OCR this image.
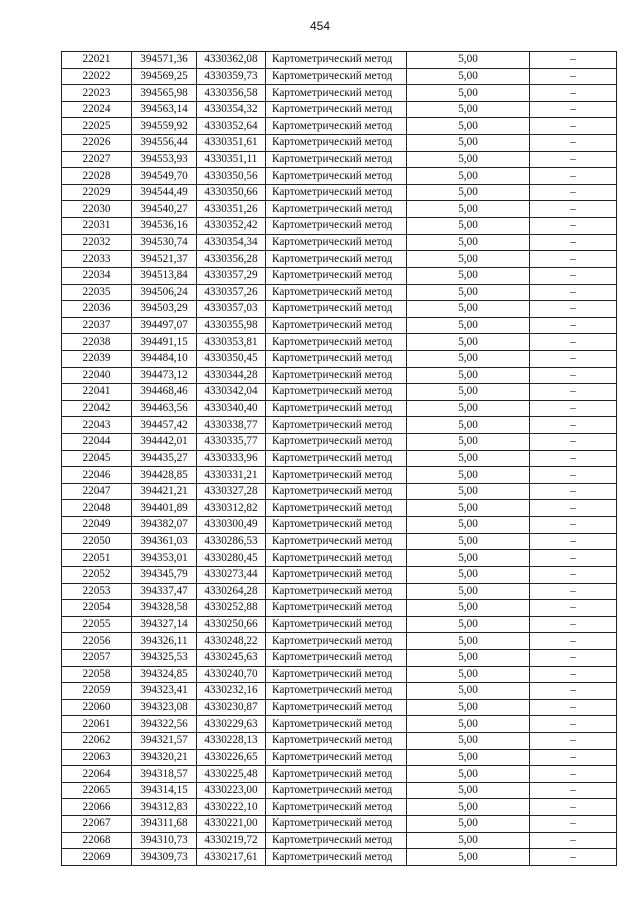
454
22021	394571,36	4330362,08	Картометрический метод	5,00	–
22022	394569,25	4330359,73	Картометрический метод	5,00	–
22023	394565,98	4330356,58	Картометрический метод	5,00	–
22024	394563,14	4330354,32	Картометрический метод	5,00	–
22025	394559,92	4330352,64	Картометрический метод	5,00	–
22026	394556,44	4330351,61	Картометрический метод	5,00	–
22027	394553,93	4330351,11	Картометрический метод	5,00	–
22028	394549,70	4330350,56	Картометрический метод	5,00	–
22029	394544,49	4330350,66	Картометрический метод	5,00	–
22030	394540,27	4330351,26	Картометрический метод	5,00	–
22031	394536,16	4330352,42	Картометрический метод	5,00	–
22032	394530,74	4330354,34	Картометрический метод	5,00	–
22033	394521,37	4330356,28	Картометрический метод	5,00	–
22034	394513,84	4330357,29	Картометрический метод	5,00	–
22035	394506,24	4330357,26	Картометрический метод	5,00	–
22036	394503,29	4330357,03	Картометрический метод	5,00	–
22037	394497,07	4330355,98	Картометрический метод	5,00	–
22038	394491,15	4330353,81	Картометрический метод	5,00	–
22039	394484,10	4330350,45	Картометрический метод	5,00	–
22040	394473,12	4330344,28	Картометрический метод	5,00	–
22041	394468,46	4330342,04	Картометрический метод	5,00	–
22042	394463,56	4330340,40	Картометрический метод	5,00	–
22043	394457,42	4330338,77	Картометрический метод	5,00	–
22044	394442,01	4330335,77	Картометрический метод	5,00	–
22045	394435,27	4330333,96	Картометрический метод	5,00	–
22046	394428,85	4330331,21	Картометрический метод	5,00	–
22047	394421,21	4330327,28	Картометрический метод	5,00	–
22048	394401,89	4330312,82	Картометрический метод	5,00	–
22049	394382,07	4330300,49	Картометрический метод	5,00	–
22050	394361,03	4330286,53	Картометрический метод	5,00	–
22051	394353,01	4330280,45	Картометрический метод	5,00	–
22052	394345,79	4330273,44	Картометрический метод	5,00	–
22053	394337,47	4330264,28	Картометрический метод	5,00	–
22054	394328,58	4330252,88	Картометрический метод	5,00	–
22055	394327,14	4330250,66	Картометрический метод	5,00	–
22056	394326,11	4330248,22	Картометрический метод	5,00	–
22057	394325,53	4330245,63	Картометрический метод	5,00	–
22058	394324,85	4330240,70	Картометрический метод	5,00	–
22059	394323,41	4330232,16	Картометрический метод	5,00	–
22060	394323,08	4330230,87	Картометрический метод	5,00	–
22061	394322,56	4330229,63	Картометрический метод	5,00	–
22062	394321,57	4330228,13	Картометрический метод	5,00	–
22063	394320,21	4330226,65	Картометрический метод	5,00	–
22064	394318,57	4330225,48	Картометрический метод	5,00	–
22065	394314,15	4330223,00	Картометрический метод	5,00	–
22066	394312,83	4330222,10	Картометрический метод	5,00	–
22067	394311,68	4330221,00	Картометрический метод	5,00	–
22068	394310,73	4330219,72	Картометрический метод	5,00	–
22069	394309,73	4330217,61	Картометрический метод	5,00	–
